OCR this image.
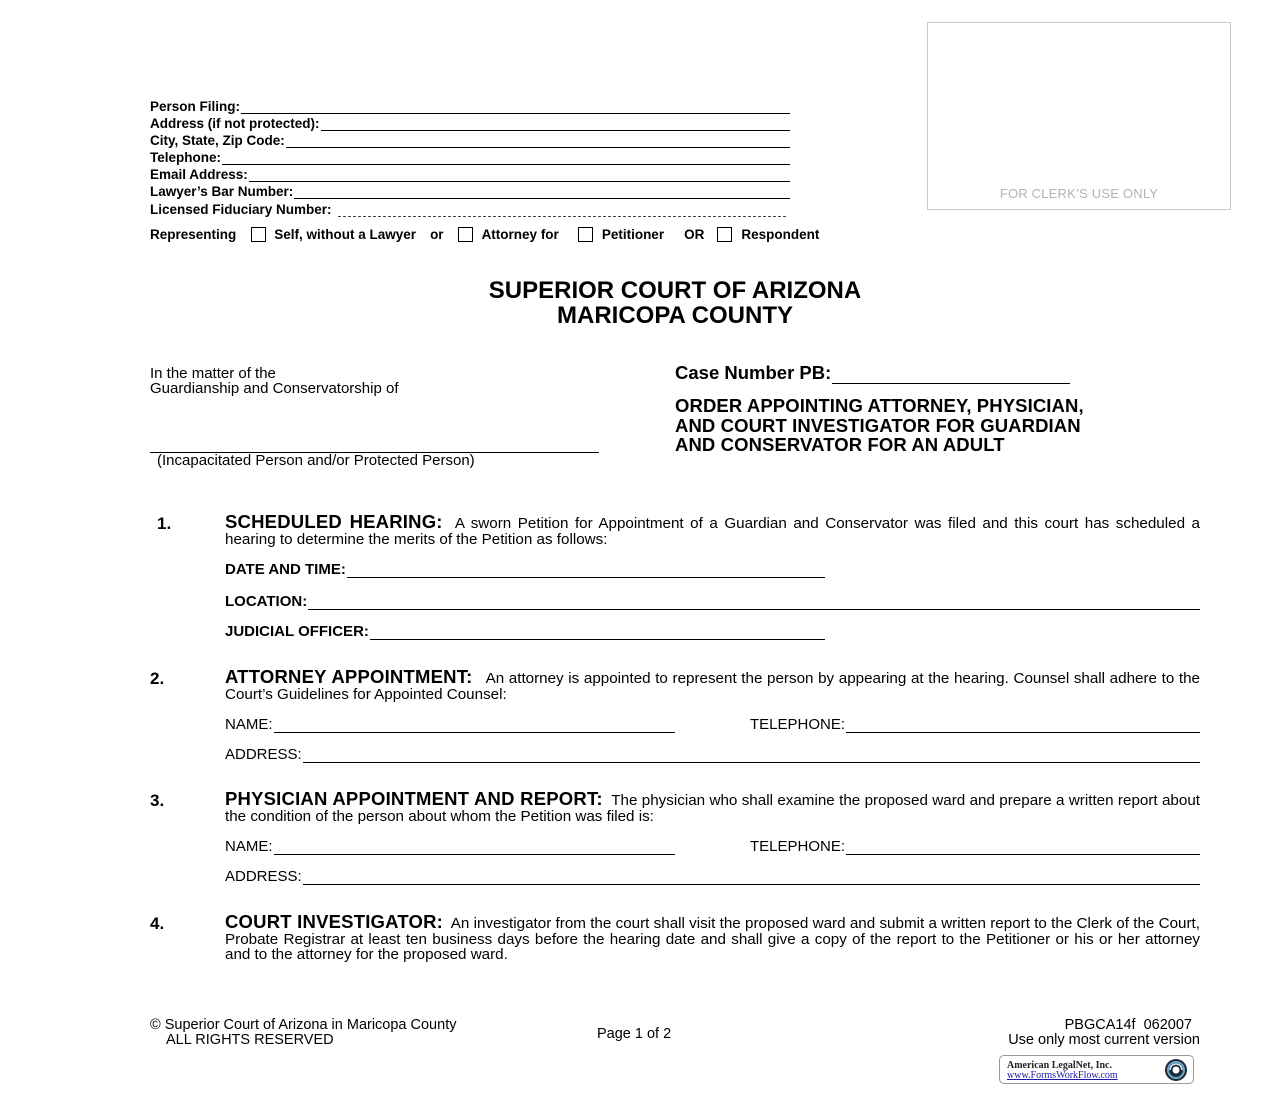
Person Filing:
Address (if not protected):
City, State, Zip Code:
Telephone:
Email Address:
Lawyer’s Bar Number:
Licensed Fiduciary Number:
Representing	Self, without a Lawyer or	Attorney for	Petitioner OR	Respondent
FOR CLERK’S USE ONLY
SUPERIOR COURT OF ARIZONA
MARICOPA COUNTY
In the matter of the
Guardianship and Conservatorship of
(Incapacitated Person and/or Protected Person)
Case Number PB:
ORDER APPOINTING ATTORNEY, PHYSICIAN,
AND COURT INVESTIGATOR FOR GUARDIAN
AND CONSERVATOR FOR AN ADULT
1.	SCHEDULED HEARING: A sworn Petition for Appointment of a Guardian and Conservator was filed and this court has scheduled a hearing to determine the merits of the Petition as follows:
DATE AND TIME:
LOCATION:
JUDICIAL OFFICER:
2.	ATTORNEY APPOINTMENT: An attorney is appointed to represent the person by appearing at the hearing. Counsel shall adhere to the Court’s Guidelines for Appointed Counsel:
NAME:	TELEPHONE:
ADDRESS:
3.	PHYSICIAN APPOINTMENT AND REPORT: The physician who shall examine the proposed ward and prepare a written report about the condition of the person about whom the Petition was filed is:
NAME:	TELEPHONE:
ADDRESS:
4.	COURT INVESTIGATOR: An investigator from the court shall visit the proposed ward and submit a written report to the Clerk of the Court, Probate Registrar at least ten business days before the hearing date and shall give a copy of the report to the Petitioner or his or her attorney and to the attorney for the proposed ward.
© Superior Court of Arizona in Maricopa County
ALL RIGHTS RESERVED	Page 1 of 2
PBGCA14f  062007
Use only most current version
American LegalNet, Inc.
www.FormsWorkFlow.com
